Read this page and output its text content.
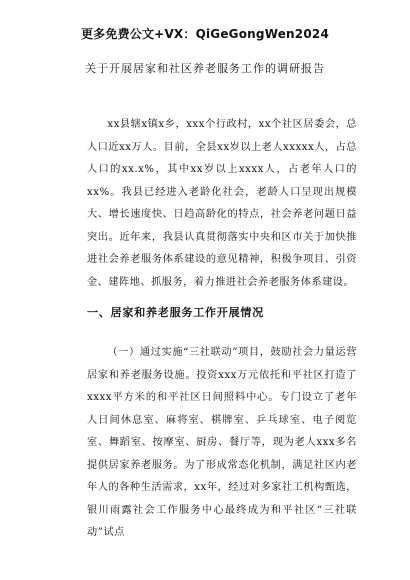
更多免费公文+VX：QiGeGongWen2024
关于开展居家和社区养老服务工作的调研报告

xx县辖x镇x乡，xxx个行政村，xx个社区居委会，总人口近xx万人。目前，全县xx岁以上老人xxxxx人，占总人口的xx.x%，其中xx岁以上xxxx人，占老年人口的xx%。我县已经进入老龄化社会，老龄人口呈现出规模大、增长速度快、日趋高龄化的特点，社会养老问题日益突出。近年来，我县认真贯彻落实中央和区市关于加快推进社会养老服务体系建设的意见精神，积极争项目、引资金、建阵地、抓服务，着力推进社会养老服务体系建设。

一、居家和养老服务工作开展情况

（一）通过实施“三社联动”项目，鼓励社会力量运营居家和养老服务设施。投资xxx万元依托和平社区打造了xxxx平方米的和平社区日间照料中心。专门设立了老年人日间休息室、麻将室、棋牌室、乒乓球室、电子阅览室、舞蹈室、按摩室、厨房、餐厅等，现为老人xxx多名提供居家养老服务。为了形成常态化机制，满足社区内老年人的各种生活需求，xx年，经过对多家社工机构甄选，银川雨露社会工作服务中心最终成为和平社区“三社联动”试点
